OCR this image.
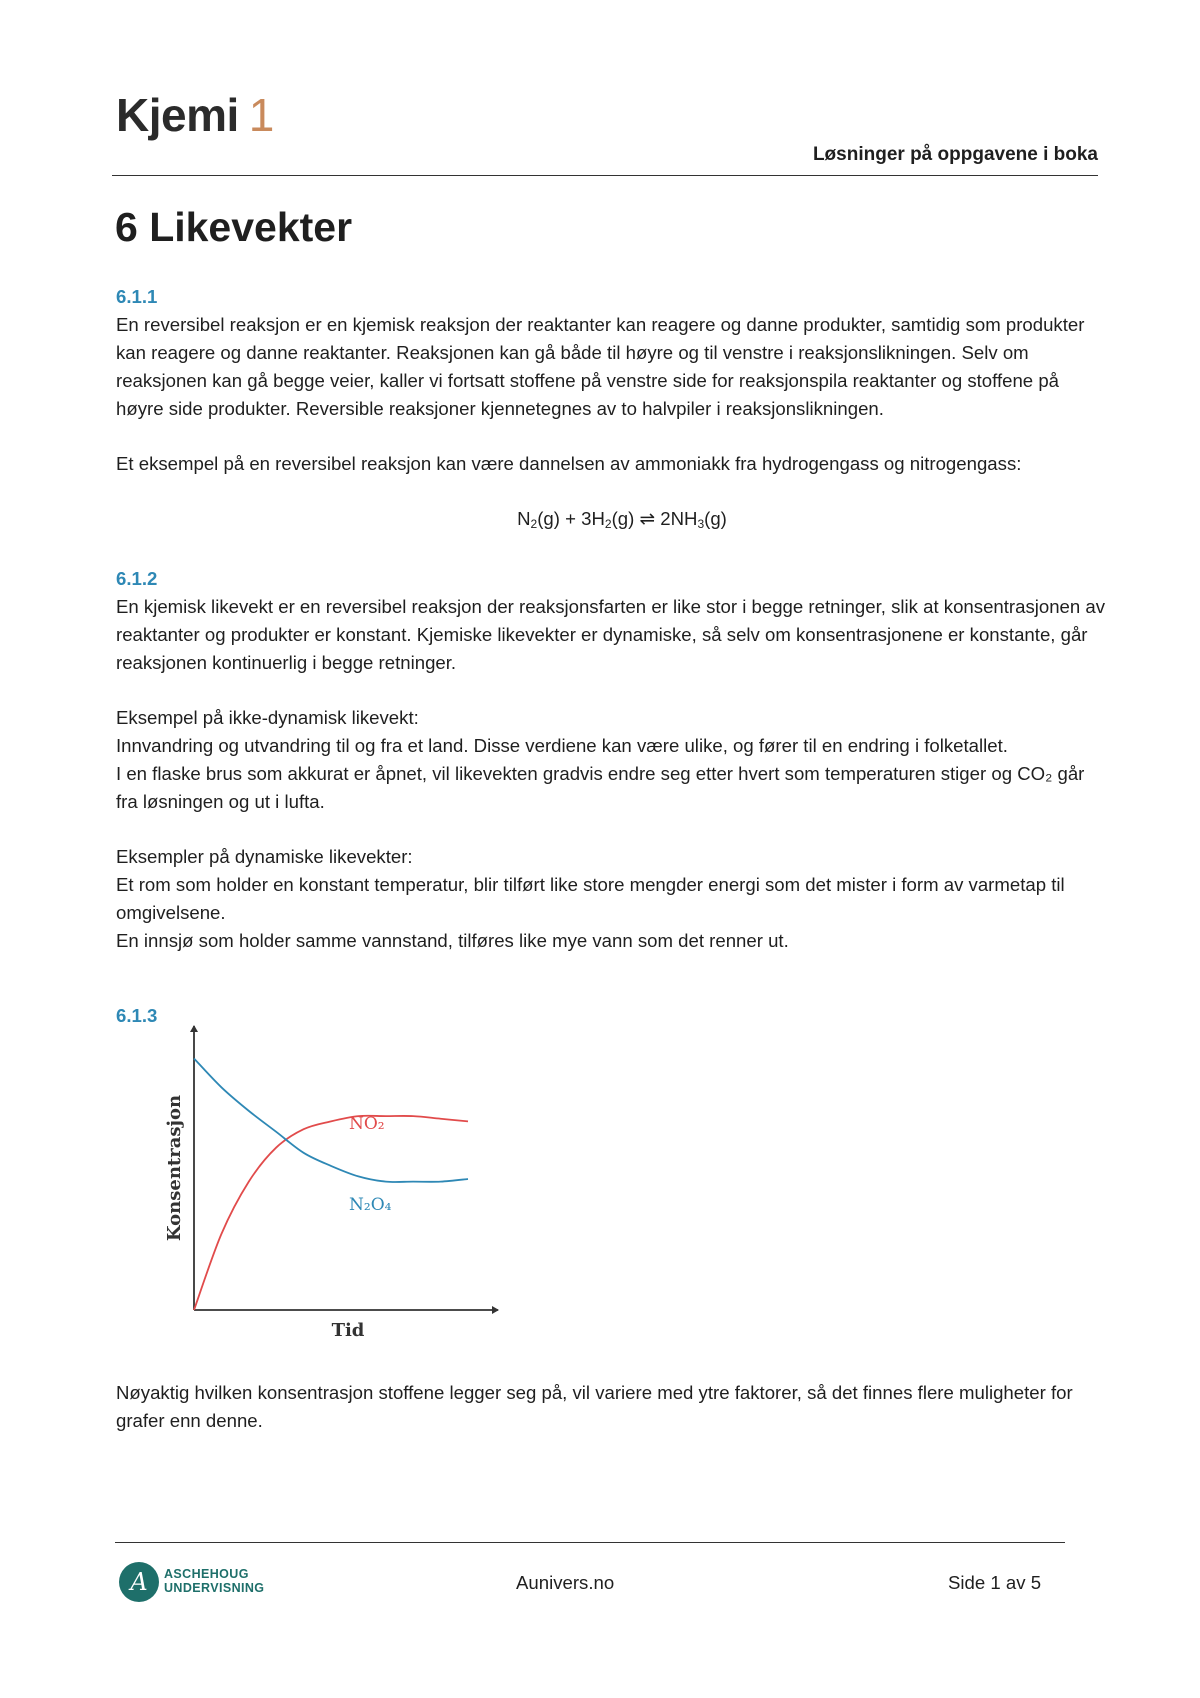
Kjemi 1
Løsninger på oppgavene i boka
6 Likevekter
6.1.1

En reversibel reaksjon er en kjemisk reaksjon der reaktanter kan reagere og danne produkter, samtidig som produkter kan reagere og danne reaktanter. Reaksjonen kan gå både til høyre og til venstre i reaksjonslikningen. Selv om reaksjonen kan gå begge veier, kaller vi fortsatt stoffene på venstre side for reaksjonspila reaktanter og stoffene på høyre side produkter. Reversible reaksjoner kjennetegnes av to halvpiler i reaksjonslikningen.

Et eksempel på en reversibel reaksjon kan være dannelsen av ammoniakk fra hydrogengass og nitrogengass:

$N_2(g) + 3H_2(g)$ ⇌ $2NH_3(g)$

6.1.2

En kjemisk likevekt er en reversibel reaksjon der reaksjonsfarten er like stor i begge retninger, slik at konsentrasjonen av reaktanter og produkter er konstant. Kjemiske likevekter er dynamiske, så selv om konsentrasjonene er konstante, går reaksjonen kontinuerlig i begge retninger.

Eksempel på ikke-dynamisk likevekt:

Innvandring og utvandring til og fra et land. Disse verdiene kan være ulike, og fører til en endring i folketallet.

I en flaske brus som akkurat er åpnet, vil likevekten gradvis endre seg etter hvert som temperaturen stiger og CO₂ går fra løsningen og ut i lufta.

Eksempler på dynamiske likevekter:

Et rom som holder en konstant temperatur, blir tilført like store mengder energi som det mister i form av varmetap til omgivelsene.

En innsjø som holder samme vannstand, tilføres like mye vann som det renner ut.

6.1.3
NO₂
N₂O₄
Tid
Konsentrasjon

Nøyaktig hvilken konsentrasjon stoffene legger seg på, vil variere med ytre faktorer, så det finnes flere muligheter for grafer enn denne.

A	ASCHEHOUG
UNDERVISNING	Aunivers.no	Side 1 av 5
